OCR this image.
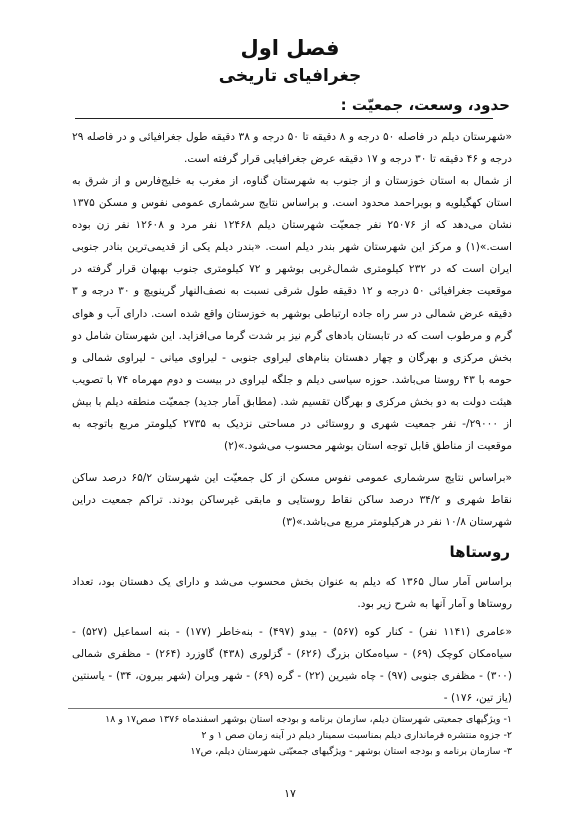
فصل اول
جغرافیای تاریخی
حدود، وسعت، جمعیّت :

«شهرستان دیلم در فاصله ۵۰ درجه و ۸ دقیقه تا ۵۰ درجه و ۳۸ دقیقه طول جغرافیائی و در فاصله ۲۹ درجه و ۴۶ دقیقه تا ۳۰ درجه و ۱۷ دقیقه عرض جغرافیایی قرار گرفته است.

از شمال به استان خوزستان و از جنوب به شهرستان گناوه، از مغرب به خلیج‌فارس و از شرق به استان کهگیلویه و بویراحمد محدود است. و براساس نتایج سرشماری عمومی نفوس و مسکن ۱۳۷۵ نشان می‌دهد که از ۲۵۰۷۶ نفر جمعیّت شهرستان دیلم ۱۲۴۶۸ نفر مرد و ۱۲۶۰۸ نفر زن بوده است.»(۱) و مرکز این شهرستان شهر بندر دیلم است. «بندر دیلم یکی از قدیمی‌ترین بنادر جنوبی ایران است که در ۲۳۲ کیلومتری شمال‌غربی بوشهر و ۷۲ کیلومتری جنوب بهبهان قرار گرفته در موقعیت جغرافیائی ۵۰ درجه و ۱۲ دقیقه طول شرقی نسبت به نصف‌النهار گرینویچ و ۳۰ درجه و ۳ دقیقه عرض شمالی در سر راه جاده ارتباطی بوشهر به خوزستان واقع شده است. دارای آب و هوای گرم و مرطوب است که در تابستان بادهای گرم نیز بر شدت گرما می‌افزاید. این شهرستان شامل دو بخش مرکزی و بهرگان و چهار دهستان بنام‌های لیراوی جنوبی - لیراوی میانی - لیراوی شمالی و حومه با ۴۳ روستا می‌باشد. حوزه سیاسی دیلم و جلگه لیراوی در بیست و دوم مهرماه ۷۴ با تصویب هیئت دولت به دو بخش مرکزی و بهرگان تقسیم شد. (مطابق آمار جدید) جمعیّت منطقه دیلم با بیش از ۲۹۰۰۰/- نفر جمعیت شهری و روستائی در مساحتی نزدیک به ۲۷۳۵ کیلومتر مربع باتوجه به موقعیت از مناطق قابل توجه استان بوشهر محسوب می‌شود.»(۲)

«براساس نتایج سرشماری عمومی نفوس مسکن از کل جمعیّت این شهرستان ۶۵/۲ درصد ساکن نقاط شهری و ۳۴/۲ درصد ساکن نقاط روستایی و مابقی غیرساکن بودند. تراکم جمعیت دراین شهرستان ۱۰/۸ نفر در هرکیلومتر مربع می‌باشد.»(۳)

روستاها

براساس آمار سال ۱۳۶۵ که دیلم به عنوان بخش محسوب می‌شد و دارای یک دهستان بود، تعداد روستاها و آمار آنها به شرح زیر بود.

«عامری (۱۱۴۱ نفر) - کنار کوه (۵۶۷) - بیدو (۴۹۷) - بنه‌خاطر (۱۷۷) - بنه اسماعیل (۵۲۷) - سیاه‌مکان کوچک (۶۹) - سیاه‌مکان بزرگ (۶۲۶) - گزلوری (۴۳۸) گاوزرد (۲۶۴) - مظفری شمالی (۳۰۰) - مظفری جنوبی (۹۷) - چاه شیرین (۲۲) - گره (۶۹) - شهر ویران (شهر بیرون، ۳۴) - یاسنتین (یاز تین، ۱۷۶) -

۱- ویژگیهای جمعیتی شهرستان دیلم، سازمان برنامه و بودجه استان بوشهر اسفندماه ۱۳۷۶ صص۱۷ و ۱۸
۲- جزوه منتشره فرمانداری دیلم بمناسبت سمینار دیلم در آینه زمان صص ۱ و ۲
۳- سازمان برنامه و بودجه استان بوشهر - ویژگیهای جمعیّتی شهرستان دیلم، ص۱۷
۱۷
